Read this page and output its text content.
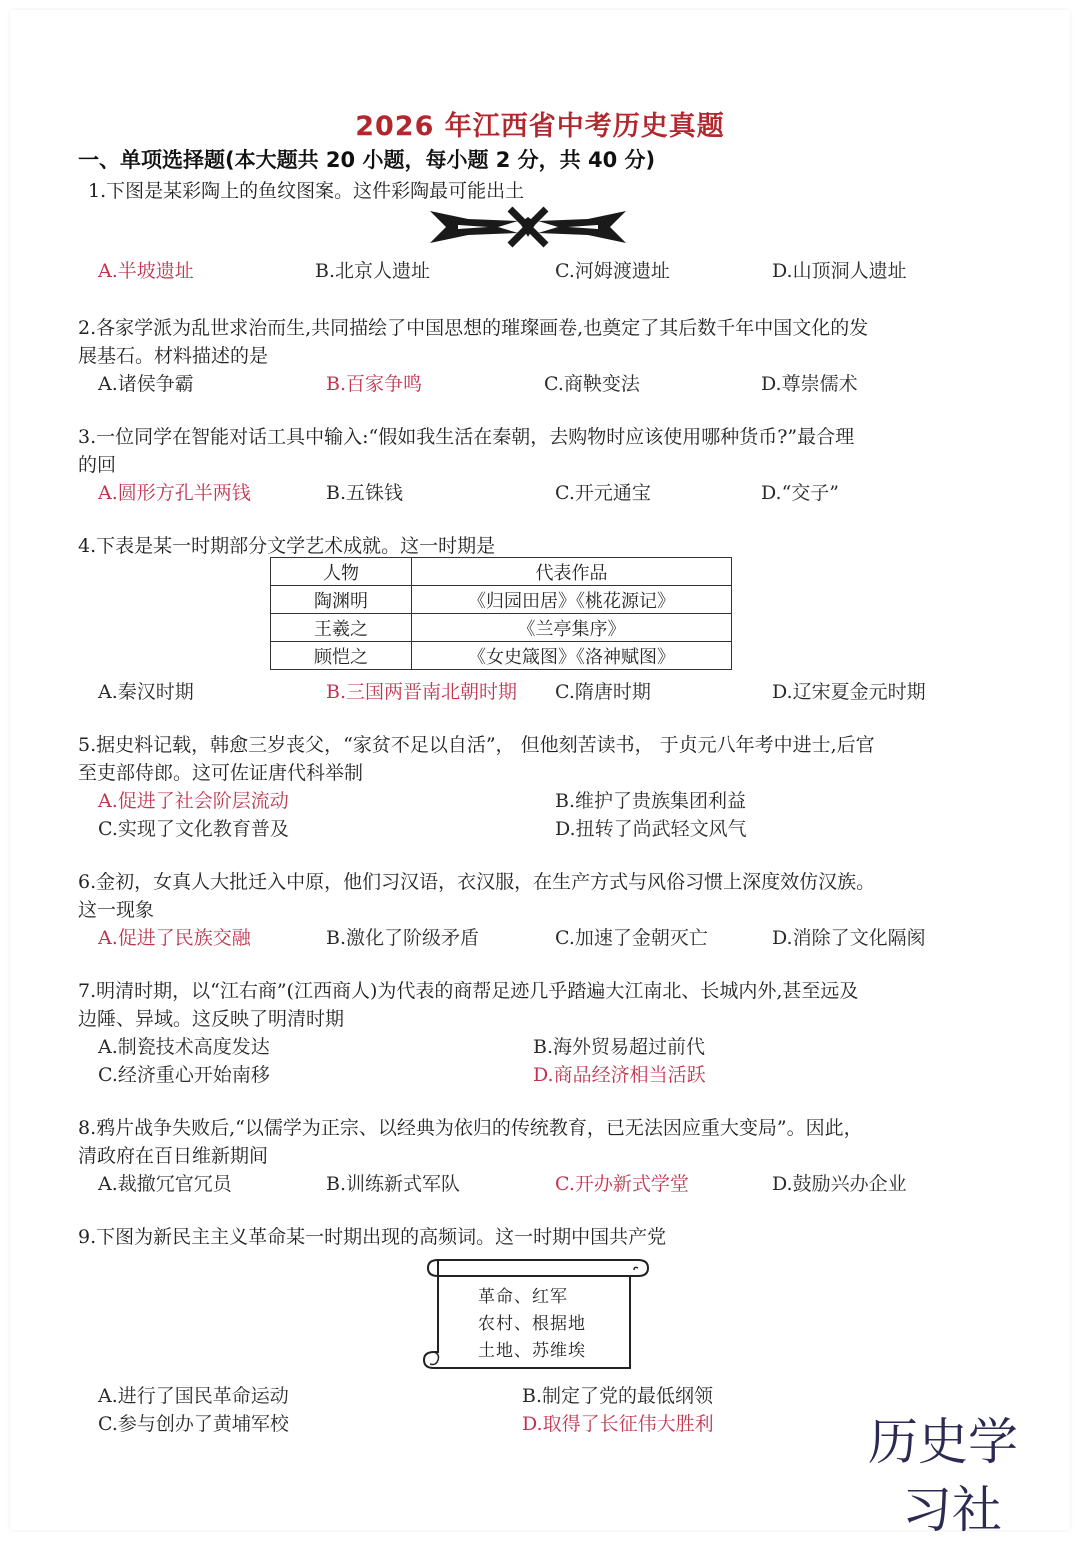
2026 年江西省中考历史真题
一、单项选择题(本大题共 20 小题，每小题 2 分，共 40 分)
1.下图是某彩陶上的鱼纹图案。这件彩陶最可能出土
A.半坡遗址	B.北京人遗址	C.河姆渡遗址	D.山顶洞人遗址
2.各家学派为乱世求治而生,共同描绘了中国思想的璀璨画卷,也奠定了其后数千年中国文化的发
展基石。材料描述的是
A.诸侯争霸	B.百家争鸣	C.商鞅变法	D.尊崇儒术
3.一位同学在智能对话工具中输入:“假如我生活在秦朝，去购物时应该使用哪种货币?”最合理
的回
A.圆形方孔半两钱	B.五铢钱	C.开元通宝	D.“交子”
4.下表是某一时期部分文学艺术成就。这一时期是
人物	代表作品
陶渊明	《归园田居》《桃花源记》
王羲之	《兰亭集序》
顾恺之	《女史箴图》《洛神赋图》
A.秦汉时期	B.三国两晋南北朝时期 C.隋唐时期	D.辽宋夏金元时期
5.据史料记载，韩愈三岁丧父，“家贫不足以自活”， 但他刻苦读书， 于贞元八年考中进士,后官
至吏部侍郎。这可佐证唐代科举制
A.促进了社会阶层流动	B.维护了贵族集团利益
C.实现了文化教育普及	D.扭转了尚武轻文风气
6.金初，女真人大批迁入中原，他们习汉语，衣汉服，在生产方式与风俗习惯上深度效仿汉族。
这一现象
A.促进了民族交融	B.激化了阶级矛盾	C.加速了金朝灭亡	D.消除了文化隔阂
7.明清时期，以“江右商”(江西商人)为代表的商帮足迹几乎踏遍大江南北、长城内外,甚至远及
边陲、异域。这反映了明清时期
A.制瓷技术高度发达	B.海外贸易超过前代
C.经济重心开始南移	D.商品经济相当活跃
8.鸦片战争失败后,“以儒学为正宗、以经典为依归的传统教育，已无法因应重大变局”。因此，
清政府在百日维新期间
A.裁撤冗官冗员	B.训练新式军队	C.开办新式学堂	D.鼓励兴办企业
9.下图为新民主主义革命某一时期出现的高频词。这一时期中国共产党
革命、红军
农村、根据地
土地、苏维埃
A.进行了国民革命运动	B.制定了党的最低纲领
C.参与创办了黄埔军校	D.取得了长征伟大胜利	历史学
习社
